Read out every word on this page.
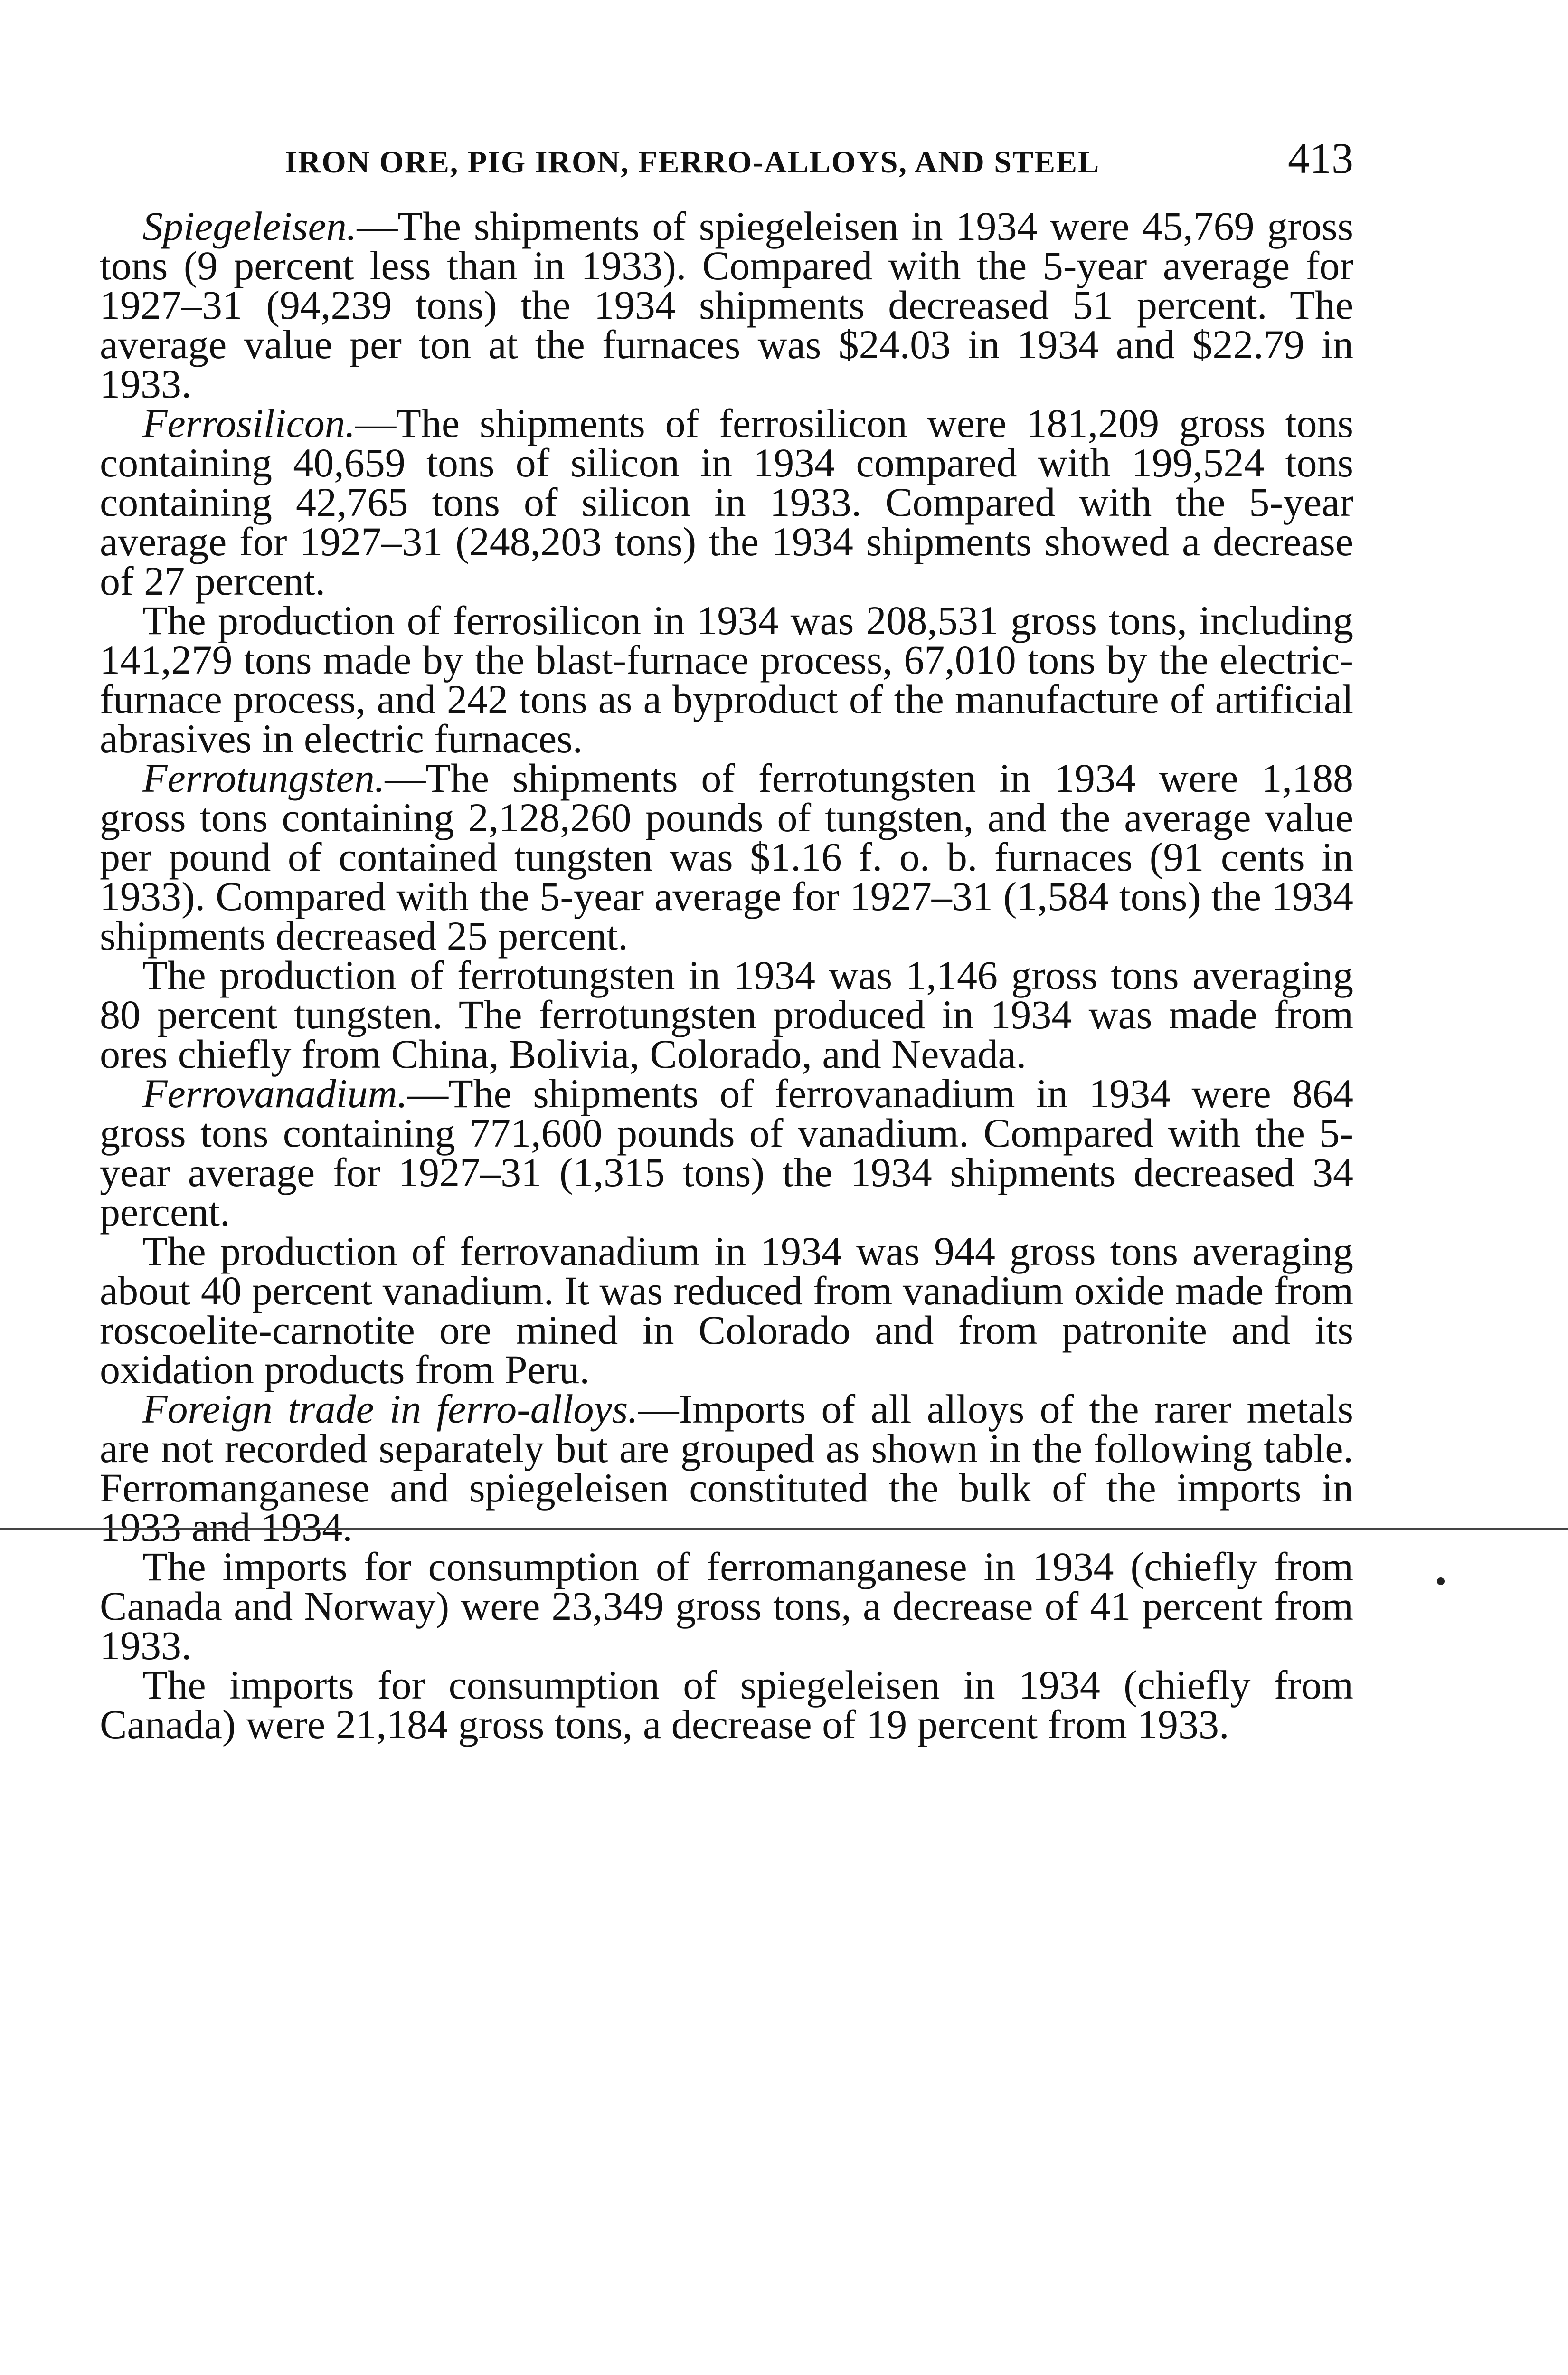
IRON ORE, PIG IRON, FERRO-ALLOYS, AND STEEL	413

Spiegeleisen.—The shipments of spiegeleisen in 1934 were 45,769 gross tons (9 percent less than in 1933). Compared with the 5-year average for 1927–31 (94,239 tons) the 1934 shipments decreased 51 percent. The average value per ton at the furnaces was $24.03 in 1934 and $22.79 in 1933.

Ferrosilicon.—The shipments of ferrosilicon were 181,209 gross tons containing 40,659 tons of silicon in 1934 compared with 199,524 tons containing 42,765 tons of silicon in 1933. Compared with the 5-year average for 1927–31 (248,203 tons) the 1934 shipments showed a decrease of 27 percent.

The production of ferrosilicon in 1934 was 208,531 gross tons, including 141,279 tons made by the blast-furnace process, 67,010 tons by the electric-furnace process, and 242 tons as a byproduct of the manufacture of artificial abrasives in electric furnaces.

Ferrotungsten.—The shipments of ferrotungsten in 1934 were 1,188 gross tons containing 2,128,260 pounds of tungsten, and the average value per pound of contained tungsten was $1.16 f. o. b. furnaces (91 cents in 1933). Compared with the 5-year average for 1927–31 (1,584 tons) the 1934 shipments decreased 25 percent.

The production of ferrotungsten in 1934 was 1,146 gross tons averaging 80 percent tungsten. The ferrotungsten produced in 1934 was made from ores chiefly from China, Bolivia, Colorado, and Nevada.

Ferrovanadium.—The shipments of ferrovanadium in 1934 were 864 gross tons containing 771,600 pounds of vanadium. Compared with the 5-year average for 1927–31 (1,315 tons) the 1934 shipments decreased 34 percent.

The production of ferrovanadium in 1934 was 944 gross tons averaging about 40 percent vanadium. It was reduced from vanadium oxide made from roscoelite-carnotite ore mined in Colorado and from patronite and its oxidation products from Peru.

Foreign trade in ferro-alloys.—Imports of all alloys of the rarer metals are not recorded separately but are grouped as shown in the following table. Ferromanganese and spiegeleisen constituted the bulk of the imports in 1933 and 1934.

The imports for consumption of ferromanganese in 1934 (chiefly from Canada and Norway) were 23,349 gross tons, a decrease of 41 percent from 1933.

The imports for consumption of spiegeleisen in 1934 (chiefly from Canada) were 21,184 gross tons, a decrease of 19 percent from 1933.
